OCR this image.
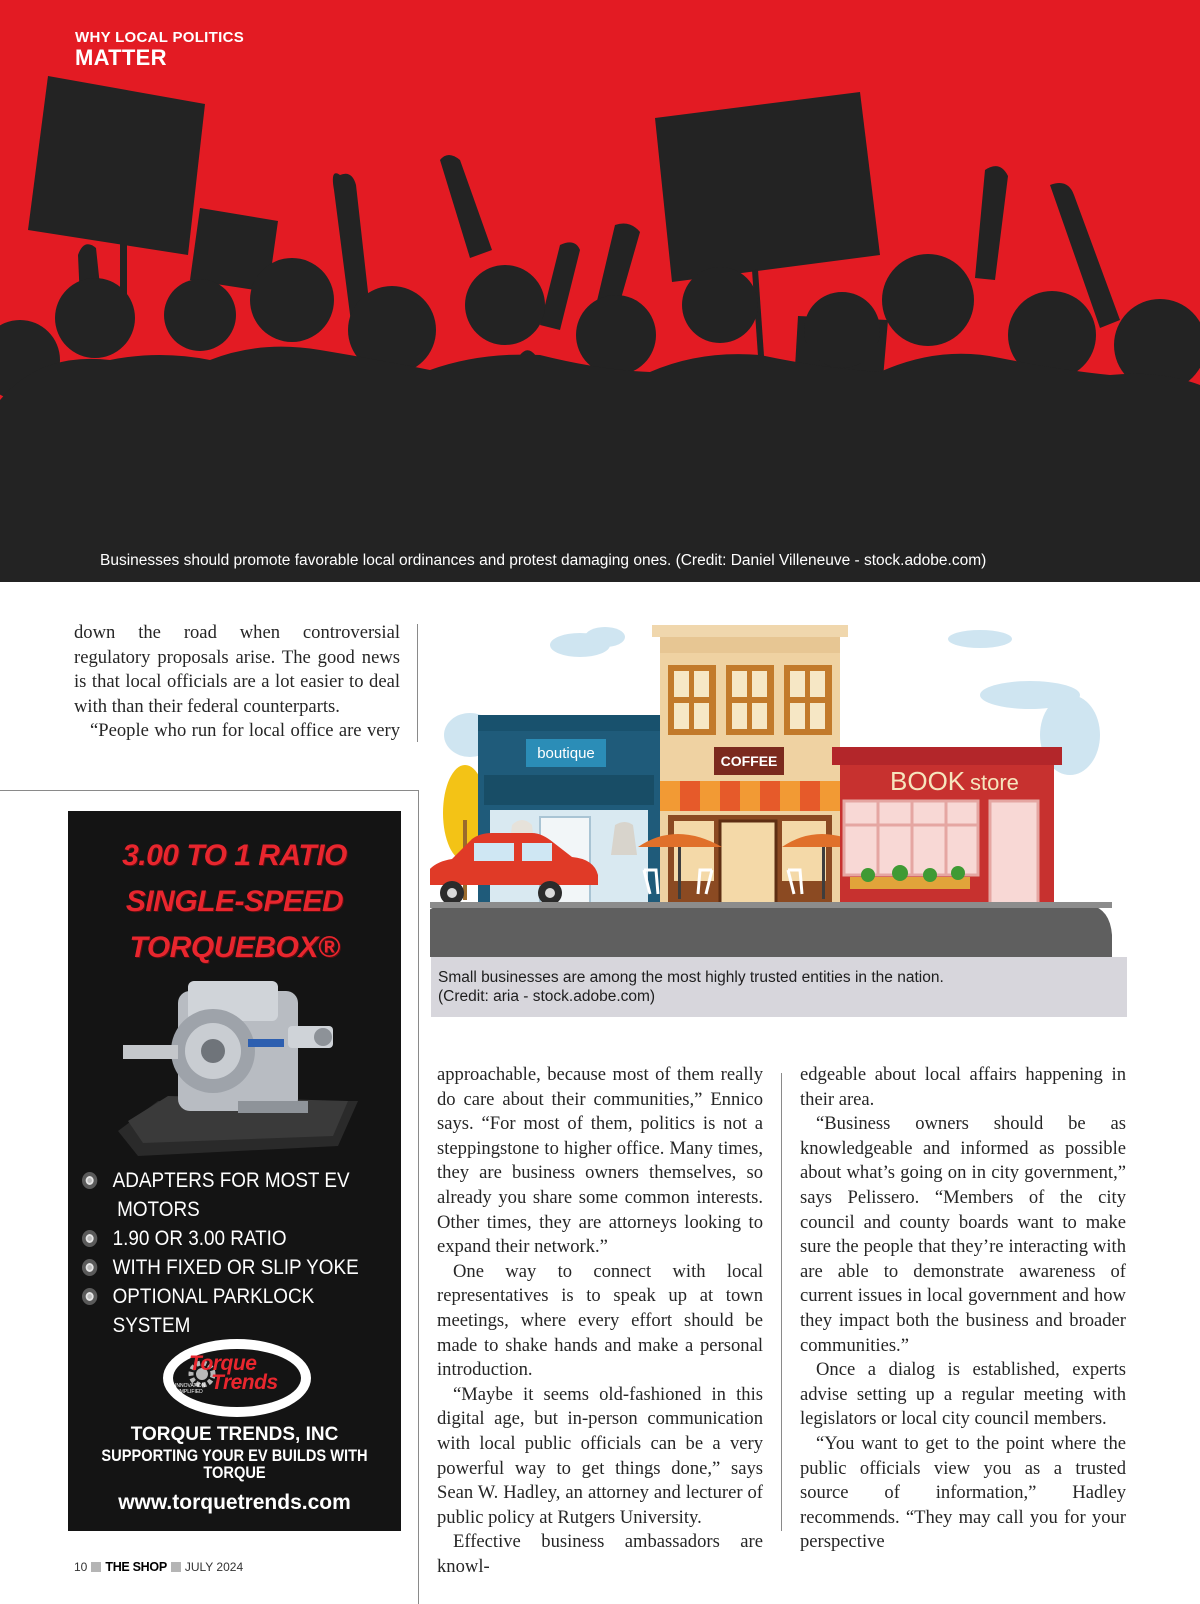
WHY LOCAL POLITICS
MATTER
Businesses should promote favorable local ordinances and protest damaging ones. (Credit: Daniel Villeneuve - stock.adobe.com)

down the road when controversial regulatory proposals arise. The good news is that local officials are a lot easier to deal with than their federal counterparts.

“People who run for local office are very

boutique	COFFEE
BOOK store
Small businesses are among the most highly trusted entities in the nation.
(Credit: aria - stock.adobe.com)

approachable, because most of them really do care about their communities,” Ennico says. “For most of them, politics is not a steppingstone to higher office. Many times, they are business owners themselves, so already you share some common interests. Other times, they are attorneys looking to expand their network.”

One way to connect with local representatives is to speak up at town meetings, where every effort should be made to shake hands and make a personal introduction.

“Maybe it seems old-fashioned in this digital age, but in-person communication with local public officials can be a very powerful way to get things done,” says Sean W. Hadley, an attorney and lecturer of public policy at Rutgers University.

Effective business ambassadors are knowl-

edgeable about local affairs happening in their area.

“Business owners should be as knowledgeable and informed as possible about what’s going on in city government,” says Pelissero. “Members of the city council and county boards want to make sure the people that they’re interacting with are able to demonstrate awareness of current issues in local government and how they impact both the business and broader communities.”

Once a dialog is established, experts advise setting up a regular meeting with legislators or local city council members.

“You want to get to the point where the public officials view you as a trusted source of information,” Hadley recommends. “They may call you for your perspective

3.00 TO 1 RATIO
SINGLE-SPEED
TORQUEBOX®
ADAPTERS FOR MOST EV
MOTORS
1.90 OR 3.00 RATIO
WITH FIXED OR SLIP YOKE
OPTIONAL PARKLOCK SYSTEM
Torque
Trends
INNOVATION SIMPLIFIED
TORQUE TRENDS, INC
SUPPORTING YOUR EV BUILDS WITH TORQUE
www.torquetrends.com
10 THE SHOP JULY 2024
